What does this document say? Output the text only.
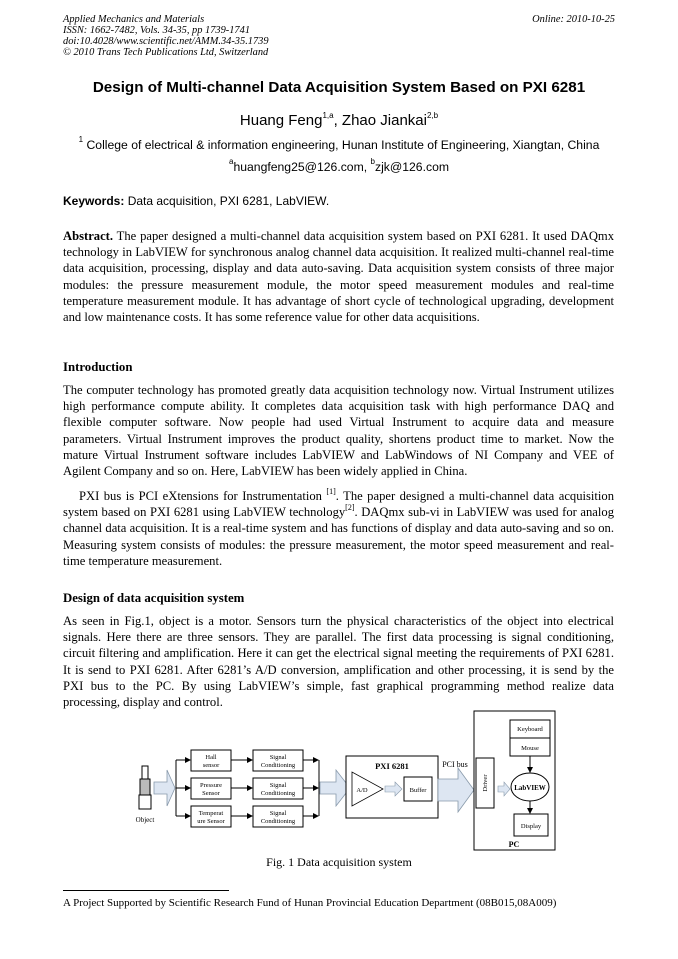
Applied Mechanics and Materials
ISSN: 1662-7482, Vols. 34-35, pp 1739-1741
doi:10.4028/www.scientific.net/AMM.34-35.1739
© 2010 Trans Tech Publications Ltd, Switzerland
Online: 2010-10-25
Design of Multi-channel Data Acquisition System Based on PXI 6281
Huang Feng$^{1,a}$, Zhao Jiankai$^{2,b}$
$^1$ College of electrical & information engineering, Hunan Institute of Engineering, Xiangtan, China
$^a$huangfeng25@126.com, $^b$zjk@126.com
Keywords: Data acquisition, PXI 6281, LabVIEW.
Abstract. The paper designed a multi-channel data acquisition system based on PXI 6281. It used DAQmx technology in LabVIEW for synchronous analog channel data acquisition. It realized multi-channel real-time data acquisition, processing, display and data auto-saving. Data acquisition system consists of three major modules: the pressure measurement module, the motor speed measurement modules and real-time temperature measurement module. It has advantage of short cycle of technological upgrading, development and low maintenance costs. It has some reference value for other data acquisitions.
Introduction
The computer technology has promoted greatly data acquisition technology now. Virtual Instrument utilizes high performance compute ability. It completes data acquisition task with high performance DAQ and flexible computer software. Now people had used Virtual Instrument to acquire data and measure parameters. Virtual Instrument improves the product quality, shortens product time to market. Now the mature Virtual Instrument software includes LabVIEW and LabWindows of NI Company and VEE of Agilent Company and so on. Here, LabVIEW has been widely applied in China.
PXI bus is PCI eXtensions for Instrumentation [1]. The paper designed a multi-channel data acquisition system based on PXI 6281 using LabVIEW technology[2]. DAQmx sub-vi in LabVIEW was used for analog channel data acquisition. It is a real-time system and has functions of display and data auto-saving and so on. Measuring system consists of modules: the pressure measurement, the motor speed measurement and real-time temperature measurement.
Design of data acquisition system
As seen in Fig.1, object is a motor. Sensors turn the physical characteristics of the object into electrical signals. Here there are three sensors. They are parallel. The first data processing is signal conditioning, circuit filtering and amplification. Here it can get the electrical signal meeting the requirements of PXI 6281. It is send to PXI 6281. After 6281’s A/D conversion, amplification and other processing, it is send by the PXI bus to the PC. By using LabVIEW’s simple, fast graphical programming method realize data processing, display and control.
Object
Hall
sensor
Pressure
Sensor
Temperat
ure Sensor
Signal
Conditioning
Signal
Conditioning
Signal
Conditioning
PXI 6281
A/D	Buffer
PCI bus
Driver
Keyboard
Mouse
LabVIEW
Display
PC
Fig. 1 Data acquisition system
A Project Supported by Scientific Research Fund of Hunan Provincial Education Department (08B015,08A009)
